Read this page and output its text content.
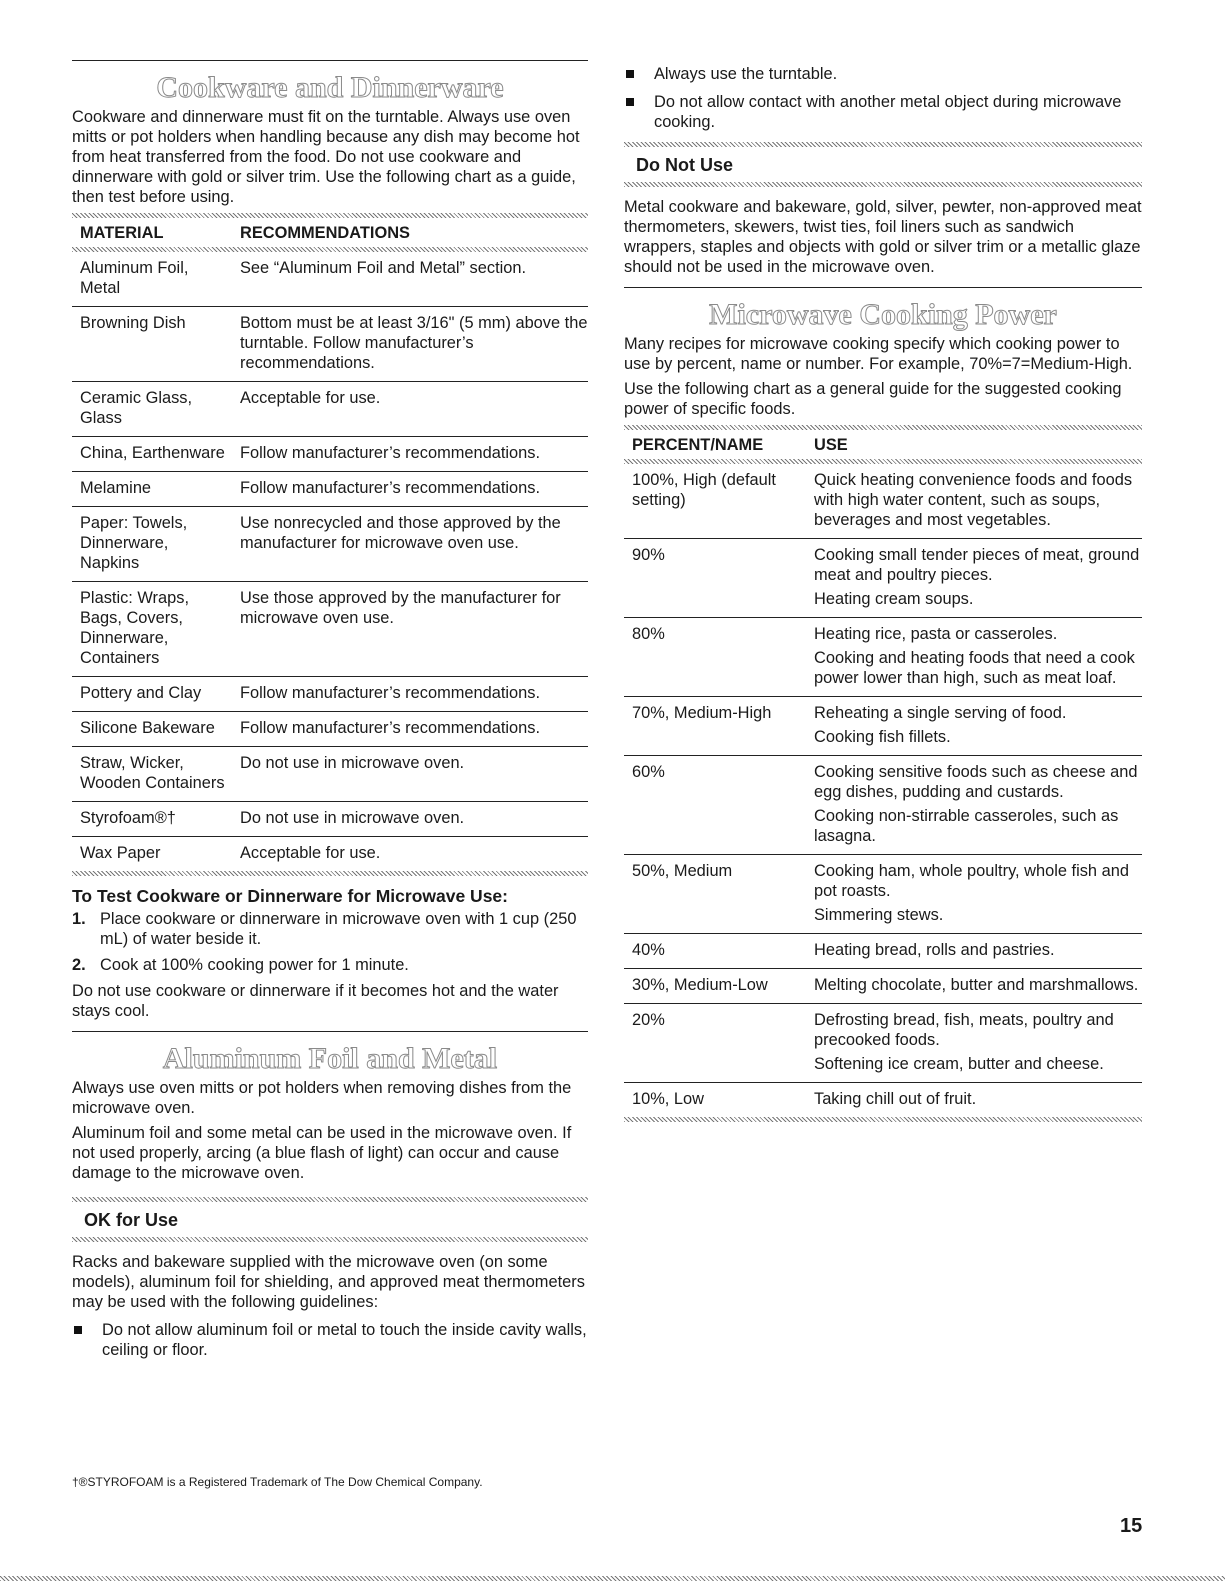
Cookware and Dinnerware

Cookware and dinnerware must fit on the turntable. Always use oven mitts or pot holders when handling because any dish may become hot from heat transferred from the food. Do not use cookware and dinnerware with gold or silver trim. Use the following chart as a guide, then test before using.

MATERIAL	RECOMMENDATIONS

Aluminum Foil, Metal	See “Aluminum Foil and Metal” section.
Browning Dish	Bottom must be at least 3/16" (5 mm) above the turntable. Follow manufacturer’s recommendations.
Ceramic Glass, Glass	Acceptable for use.
China, Earthenware	Follow manufacturer’s recommendations.
Melamine	Follow manufacturer’s recommendations.
Paper: Towels, Dinnerware, Napkins	Use nonrecycled and those approved by the manufacturer for microwave oven use.
Plastic: Wraps, Bags, Covers, Dinnerware, Containers	Use those approved by the manufacturer for microwave oven use.
Pottery and Clay	Follow manufacturer’s recommendations.
Silicone Bakeware	Follow manufacturer’s recommendations.
Straw, Wicker, Wooden Containers	Do not use in microwave oven.
Styrofoam®†	Do not use in microwave oven.
Wax Paper	Acceptable for use.
To Test Cookware or Dinnerware for Microwave Use:
1. Place cookware or dinnerware in microwave oven with 1 cup (250 mL) of water beside it.
2. Cook at 100% cooking power for 1 minute.

Do not use cookware or dinnerware if it becomes hot and the water stays cool.

Aluminum Foil and Metal

Always use oven mitts or pot holders when removing dishes from the microwave oven.

Aluminum foil and some metal can be used in the microwave oven. If not used properly, arcing (a blue flash of light) can occur and cause damage to the microwave oven.

OK for Use

Racks and bakeware supplied with the microwave oven (on some models), aluminum foil for shielding, and approved meat thermometers may be used with the following guidelines:

Do not allow aluminum foil or metal to touch the inside cavity walls, ceiling or floor.
Always use the turntable.
Do not allow contact with another metal object during microwave cooking.
Do Not Use

Metal cookware and bakeware, gold, silver, pewter, non-approved meat thermometers, skewers, twist ties, foil liners such as sandwich wrappers, staples and objects with gold or silver trim or a metallic glaze should not be used in the microwave oven.

Microwave Cooking Power

Many recipes for microwave cooking specify which cooking power to use by percent, name or number. For example, 70%=7=Medium-High.

Use the following chart as a general guide for the suggested cooking power of specific foods.

PERCENT/NAME	USE

100%, High (default setting)	Quick heating convenience foods and foods with high water content, such as soups, beverages and most vegetables.

90%	Cooking small tender pieces of meat, ground meat and poultry pieces.
Heating cream soups.

80%	Heating rice, pasta or casseroles.
Cooking and heating foods that need a cook power lower than high, such as meat loaf.

70%, Medium-High	Reheating a single serving of food.
Cooking fish fillets.

60%	Cooking sensitive foods such as cheese and egg dishes, pudding and custards.
Cooking non-stirrable casseroles, such as lasagna.

50%, Medium	Cooking ham, whole poultry, whole fish and pot roasts.
Simmering stews.

40%	Heating bread, rolls and pastries.

30%, Medium-Low	Melting chocolate, butter and marshmallows.

20%	Defrosting bread, fish, meats, poultry and precooked foods.
Softening ice cream, butter and cheese.

10%, Low	Taking chill out of fruit.
†®STYROFOAM is a Registered Trademark of The Dow Chemical Company.
15
